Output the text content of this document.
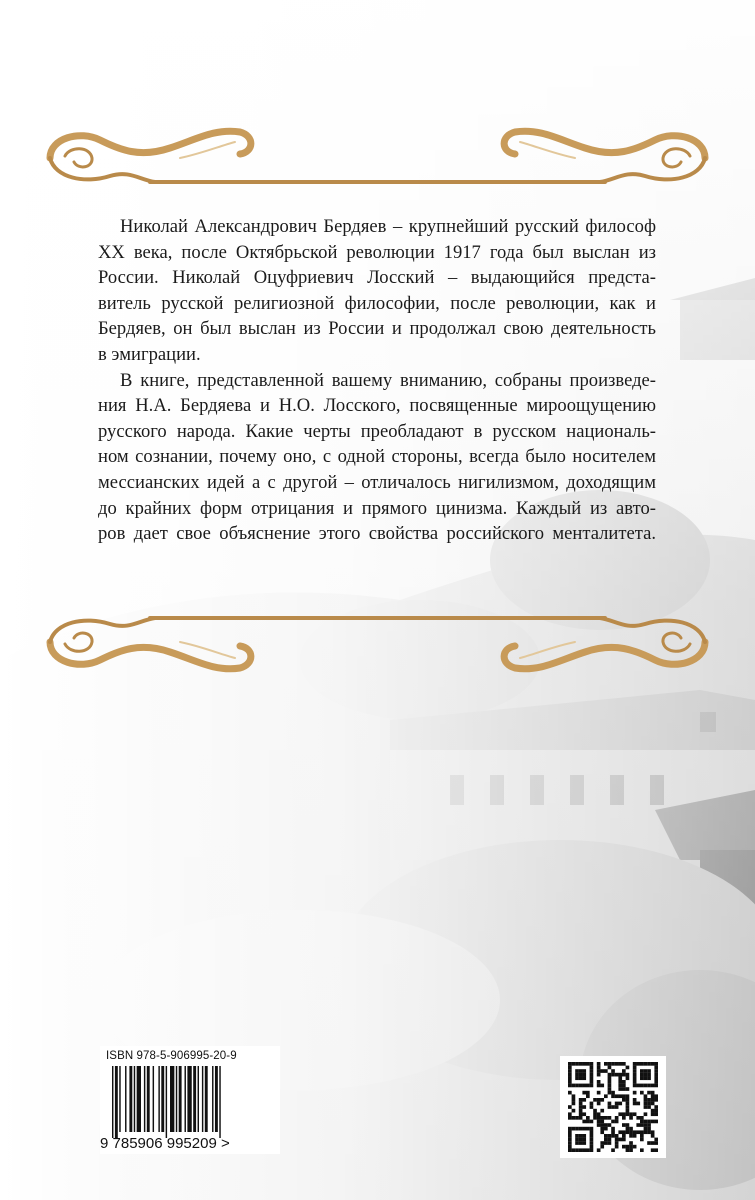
Николай Александрович Бердяев – крупнейший русский философ
XX века, после Октябрьской революции 1917 года был выслан из
России. Николай Оцуфриевич Лосский – выдающийся предста-
витель русской религиозной философии, после революции, как и
Бердяев, он был выслан из России и продолжал свою деятельность
в эмиграции.

В книге, представленной вашему вниманию, собраны произведе-
ния Н.А. Бердяева и Н.О. Лосского, посвященные мироощущению
русского народа. Какие черты преобладают в русском националь-
ном сознании, почему оно, с одной стороны, всегда было носителем
мессианских идей а с другой – отличалось нигилизмом, доходящим
до крайних форм отрицания и прямого цинизма. Каждый из авто-
ров дает свое объяснение этого свойства российского менталитета.

ISBN 978-5-906995-20-9
9 785906 995209 >
